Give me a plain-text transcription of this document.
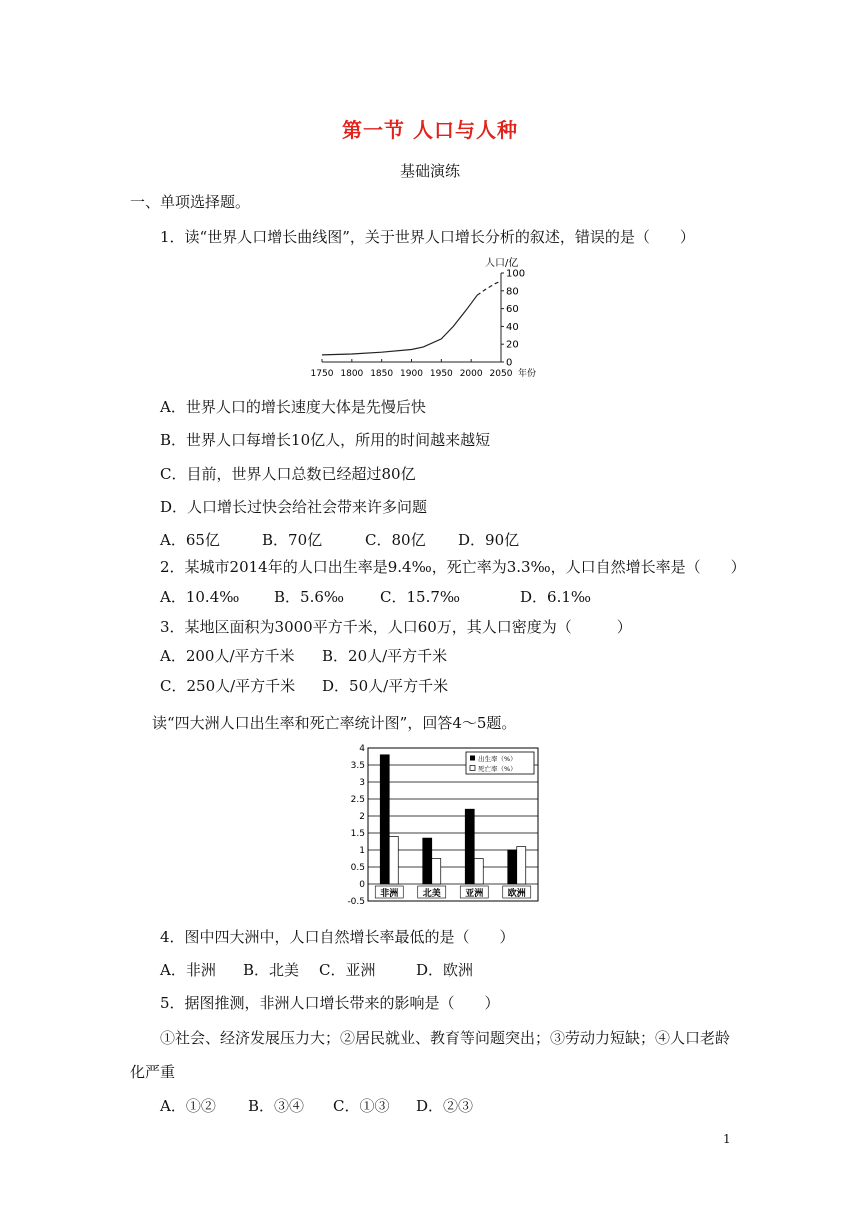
第一节 人口与人种
基础演练
一、单项选择题。
1．读“世界人口增长曲线图”，关于世界人口增长分析的叙述，错误的是（　　）
0
20
40
60
80
100
1750 1800 1850 1900 1950 2000 2050
人口/亿
年份
A．世界人口的增长速度大体是先慢后快
B．世界人口每增长10亿人，所用的时间越来越短
C．目前，世界人口总数已经超过80亿
D．人口增长过快会给社会带来许多问题
A．65亿	B．70亿	C．80亿 D．90亿
2．某城市2014年的人口出生率是9.4‰，死亡率为3.3‰，人口自然增长率是（　　）
A．10.4‰ B．5.6‰ C．15.7‰	D．6.1‰
3．某地区面积为3000平方千米，人口60万，其人口密度为（　　　）
A．200人/平方千米 B．20人/平方千米
C．250人/平方千米 D．50人/平方千米
读“四大洲人口出生率和死亡率统计图”，回答4～5题。
-0.5
0
0.5
1
1.5
2
2.5
3
3.5
4
非洲	北美	亚洲	欧洲
出生率（%）
死亡率（%）
4．图中四大洲中，人口自然增长率最低的是（　　）
A．非洲 B．北美 C．亚洲	D．欧洲
5．据图推测，非洲人口增长带来的影响是（　　）
①社会、经济发展压力大；②居民就业、教育等问题突出；③劳动力短缺；④人口老龄
化严重
A．①② B．③④ C．①③ D．②③
1
